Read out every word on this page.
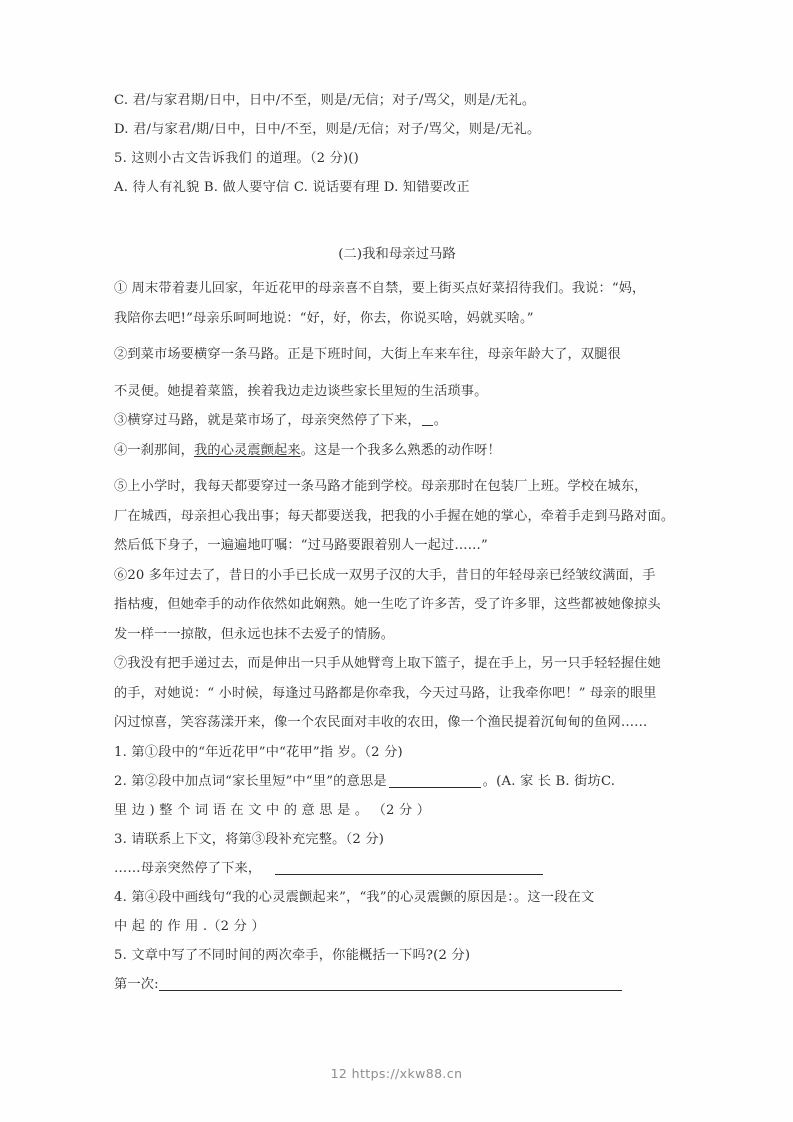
C. 君/与家君期/日中，日中/不至，则是/无信；对子/骂父，则是/无礼。
D. 君/与家君/期/日中，日中/不至，则是/无信；对子/骂父，则是/无礼。
5. 这则小古文告诉我们 的道理。（2 分)()
A. 待人有礼貌 B. 做人要守信 C. 说话要有理 D. 知错要改正
(二)我和母亲过马路
① 周末带着妻儿回家，年近花甲的母亲喜不自禁，要上街买点好菜招待我们。我说：“妈，
我陪你去吧!”母亲乐呵呵地说：“好，好，你去，你说买啥，妈就买啥。”
②到菜市场要横穿一条马路。正是下班时间，大街上车来车往，母亲年龄大了，双腿很
不灵便。她提着菜篮，挨着我边走边谈些家长里短的生活琐事。
③横穿过马路，就是菜市场了，母亲突然停了下来， 。
④一刹那间，我的心灵震颤起来。这是一个我多么熟悉的动作呀！
⑤上小学时，我每天都要穿过一条马路才能到学校。母亲那时在包装厂上班。学校在城东，
厂在城西，母亲担心我出事；每天都要送我，把我的小手握在她的掌心，牵着手走到马路对面。
然后低下身子，一遍遍地叮嘱：“过马路要跟着别人一起过……”
⑥20 多年过去了，昔日的小手已长成一双男子汉的大手，昔日的年轻母亲已经皱纹满面，手
指枯瘦，但她牵手的动作依然如此娴熟。她一生吃了许多苦，受了许多罪，这些都被她像掠头
发一样一一掠散，但永远也抹不去爱子的情肠。
⑦我没有把手递过去，而是伸出一只手从她臂弯上取下篮子，提在手上，另一只手轻轻握住她
的手，对她说：“ 小时候，每逢过马路都是你牵我，今天过马路，让我牵你吧！” 母亲的眼里
闪过惊喜，笑容荡漾开来，像一个农民面对丰收的农田，像一个渔民提着沉甸甸的鱼网……
1. 第①段中的“年近花甲”中“花甲”指 岁。（2 分)
2. 第②段中加点词“家长里短”中“里”的意思是	。(A. 家 长 B. 街坊C.
里 边 ) 整 个 词 语 在 文 中 的 意 思 是 。 （2 分 ）
3. 请联系上下文，将第③段补充完整。（2 分)
……母亲突然停了下来，
4. 第④段中画线句“我的心灵震颤起来”，“我”的心灵震颤的原因是：。这一段在文
中 起 的 作 用 .（2 分 ）
5. 文章中写了不同时间的两次牵手，你能概括一下吗?(2 分)
第一次:
12 https://xkw88.cn
